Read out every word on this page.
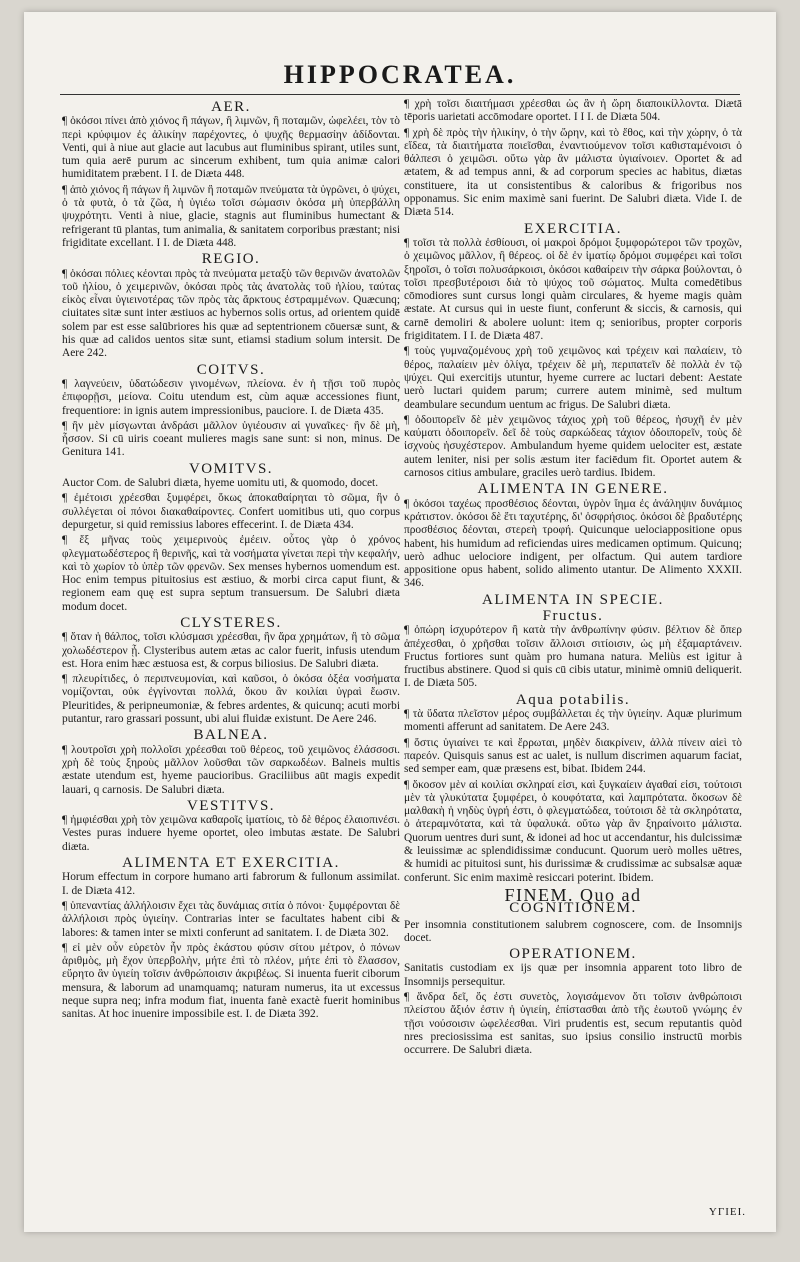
HIPPOCRATEA.
AER.

¶ ὁκόσοι πίνει ἀπὸ χιόνος ἢ πάγων, ἢ λιμνῶν, ἢ ποταμῶν, ὠφελέει, τὸν τὸ περὶ κρύφιμον ἐς ἀλικίην παρέχοντες, ὁ ψυχῆς θερμασίην ἀδίδονται. Venti, qui à niue aut glacie aut lacubus aut fluminibus spirant, utiles sunt, tum quia aerē purum ac sincerum exhibent, tum quia animæ calori humiditatem præbent. I I. de Diæta 448.

¶ ἀπὸ χιόνος ἢ πάγων ἢ λιμνῶν ἢ ποταμῶν πνεύματα τὰ ὑγρῶνει, ὁ ψύχει, ὁ τὰ φυτὰ, ὁ τὰ ζῶα, ἡ ὑγιέω τοῖσι σώμασιν ὁκόσα μὴ ὑπερβάλλη ψυχρότητι. Venti à niue, glacie, stagnis aut fluminibus humectant & refrigerant tū plantas, tum animalia, & sanitatem corporibus præstant; nisi frigiditate excellant. I I. de Diæta 448.

REGIO.

¶ ὁκόσαι πόλιες κέονται πρὸς τὰ πνεύματα μεταξὺ τῶν θερινῶν ἀνατολῶν τοῦ ἡλίου, ὁ χειμερινῶν, ὁκόσαι πρὸς τὰς ἀνατολὰς τοῦ ἡλίου, ταύτας εἰκὸς εἶναι ὑγιεινοτέρας τῶν πρὸς τὰς ἄρκτους ἐστραμμένων. Quæcunq; ciuitates sitæ sunt inter æstiuos ac hybernos solis ortus, ad orientem quidē solem par est esse salūbriores his quæ ad septentrionem cōuersæ sunt, & his quæ ad calidos uentos sitæ sunt, etiamsi stadium solum intersit. De Aere 242.

COITVS.

¶ λαγνεύειν, ὑδατώδεσιν γινομένων, πλείονα. ἐν ἡ τῇσι τοῦ πυρὸς ἐπιφορῇσι, μείονα. Coitu utendum est, cùm aquæ accessiones fiunt, frequentiore: in ignis autem impressionibus, pauciore. I. de Diæta 435.

¶ ἢν μὲν μίσγωνται ἀνδράσι μᾶλλον ὑγιέουσιν αἱ γυναῖκες· ἢν δὲ μὴ, ἧσσον. Si cū uiris coeant mulieres magis sane sunt: si non, minus. De Genitura 141.

VOMITVS.

Auctor Com. de Salubri diæta, hyeme uomitu uti, & quomodo, docet.

¶ ἐμέτοισι χρέεσθαι ξυμφέρει, ὅκως ἀποκαθαίρηται τὸ σῶμα, ἢν ὁ συλλέγεται οἱ πόνοι διακαθαίροντες. Confert uomitibus uti, quo corpus depurgetur, si quid remissius labores effecerint. I. de Diæta 434.

¶ ἕξ μῆνας τοὺς χειμερινοὺς ἐμέειν. οὗτος γὰρ ὁ χρόνος φλεγματωδέστερος ἢ θερινῆς, καὶ τὰ νοσήματα γίνεται περὶ τὴν κεφαλήν, καὶ τὸ χωρίον τὸ ὑπὲρ τῶν φρενῶν. Sex menses hybernos uomendum est. Hoc enim tempus pituitosius est æstiuo, & morbi circa caput fiunt, & regionem eam quę est supra septum transuersum. De Salubri diæta modum docet.

CLYSTERES.

¶ ὅταν ἡ θάλπος, τοῖσι κλύσμασι χρέεσθαι, ἢν ἄρα χρημάτων, ἢ τὸ σῶμα χολωδέστερον ᾖ. Clysteribus autem ætas ac calor fuerit, infusis utendum est. Hora enim hæc æstuosa est, & corpus biliosius. De Salubri diæta.

¶ πλευρίτιδες, ὁ περιπνευμονίαι, καὶ καῦσοι, ὁ ὁκόσα ὀξέα νοσήματα νομίζονται, οὐκ ἐγγίνονται πολλά, ὅκου ἂν κοιλίαι ὑγραὶ ἔωσιν. Pleuritides, & peripneumoniæ, & febres ardentes, & quicunq; acuti morbi putantur, raro grassari possunt, ubi alui fluidæ existunt. De Aere 246.

BALNEA.

¶ λουτροῖσι χρὴ πολλοῖσι χρέεσθαι τοῦ θέρεος, τοῦ χειμῶνος ἐλάσσοσι. χρὴ δὲ τοὺς ξηροὺς μᾶλλον λοῦσθαι τῶν σαρκωδέων. Balneis multis æstate utendum est, hyeme paucioribus. Graciliibus aūt magis expedit lauari, q carnosis. De Salubri diæta.

VESTITVS.

¶ ἠμφιέσθαι χρὴ τὸν χειμῶνα καθαροῖς ἱματίοις, τὸ δὲ θέρος ἐλαιοπινέσι. Vestes puras induere hyeme oportet, oleo imbutas æstate. De Salubri diæta.

ALIMENTA ET EXERCITIA.

Horum effectum in corpore humano arti fabrorum & fullonum assimilat. I. de Diæta 412.

¶ ὑπεναντίας ἀλλήλοισιν ἔχει τὰς δυνάμιας σιτία ὁ πόνοι· ξυμφέρονται δὲ ἀλλήλοισι πρὸς ὑγιείην. Contrarias inter se facultates habent cibi & labores: & tamen inter se mixti conferunt ad sanitatem. I. de Diæta 302.

¶ εἰ μὲν οὖν εὑρετὸν ἦν πρὸς ἑκάστου φύσιν σίτου μέτρον, ὁ πόνων ἀριθμὸς, μὴ ἔχον ὑπερβολὴν, μήτε ἐπὶ τὸ πλέον, μήτε ἐπὶ τὸ ἔλασσον, εὕρητο ἂν ὑγιείη τοῖσιν ἀνθρώποισιν ἀκριβέως. Si inuenta fuerit ciborum mensura, & laborum ad unamquamq; naturam numerus, ita ut excessus neque supra neq; infra modum fiat, inuenta fanè exactè fuerit hominibus sanitas. At hoc inuenire impossibile est. I. de Diæta 392.

¶ χρὴ τοῖσι διαιτήμασι χρέεσθαι ὡς ἂν ἡ ὥρη διαποικίλλοντα. Diætā tēporis uarietati accōmodare oportet. I I I. de Diæta 504.

¶ χρὴ δὲ πρὸς τὴν ἡλικίην, ὁ τὴν ὥρην, καὶ τὸ ἔθος, καὶ τὴν χώρην, ὁ τὰ εἴδεα, τὰ διαιτήματα ποιεῖσθαι, ἐναντιούμενον τοῖσι καθισταμένοισι ὁ θάλπεσι ὁ χειμῶσι. οὕτω γὰρ ἂν μάλιστα ὑγιαίνοιεν. Oportet & ad ætatem, & ad tempus anni, & ad corporum species ac habitus, diætas constituere, ita ut consistentibus & caloribus & frigoribus nos opponamus. Sic enim maximè sani fuerint. De Salubri diæta. Vide I. de Diæta 514.

EXERCITIA.

¶ τοῖσι τὰ πολλὰ ἐσθίουσι, οἱ μακροὶ δρόμοι ξυμφορώτεροι τῶν τροχῶν, ὁ χειμῶνος μᾶλλον, ἢ θέρεος. οἱ δὲ ἐν ἱματίῳ δρόμοι συμφέρει καὶ τοῖσι ξηροῖσι, ὁ τοῖσι πολυσάρκοισι, ὁκόσοι καθαίρειν τὴν σάρκα βούλονται, ὁ τοῖσι πρεσβυτέροισι διὰ τὸ ψύχος τοῦ σώματος. Multa comedētibus cōmodiores sunt cursus longi quàm circulares, & hyeme magis quàm æstate. At cursus qui in ueste fiunt, conferunt & siccis, & carnosis, qui carnē demoliri & abolere uolunt: item q; senioribus, propter corporis frigiditatem. I I. de Diæta 487.

¶ τοὺς γυμναζομένους χρὴ τοῦ χειμῶνος καὶ τρέχειν καὶ παλαίειν, τὸ θέρος, παλαίειν μὲν ὀλίγα, τρέχειν δὲ μὴ, περιπατεῖν δὲ πολλὰ ἐν τῷ ψύχει. Qui exercitijs utuntur, hyeme currere ac luctari debent: Aestate uerò luctari quidem parum; currere autem minimè, sed multum deambulare secundum uentum ac frigus. De Salubri diæta.

¶ ὁδοιπορεῖν δὲ μὲν χειμῶνος τάχιος χρὴ τοῦ θέρεος, ἡσυχῆ ἐν μὲν καύματι ὁδοιπορεῖν. δεῖ δὲ τοὺς σαρκώδεας τάχιον ὁδοιπορεῖν, τοὺς δὲ ἰσχνοὺς ἡσυχέστερον. Ambulandum hyeme quidem uelociter est, æstate autem leniter, nisi per solis æstum iter faciēdum fit. Oportet autem & carnosos citius ambulare, graciles uerò tardius. Ibidem.

ALIMENTA IN GENERE.

¶ ὁκόσοι ταχέως προσθέσιος δέονται, ὑγρὸν ἴημα ἐς ἀνάληψιν δυνάμιος κράτιστον. ὁκόσοι δὲ ἔτι ταχυτέρης, δι' ὀσφρήσιος. ὁκόσοι δὲ βραδυτέρης προσθέσιος δέονται, στερεὴ τροφή. Quicunque uelociappositione opus habent, his humidum ad reficiendas uires medicamen optimum. Quicunq; uerò adhuc uelociore indigent, per olfactum. Qui autem tardiore appositione opus habent, solido alimento utantur. De Alimento XXXII. 346.

ALIMENTA IN SPECIE.
Fructus.

¶ ὀπώρη ἰσχυρότερον ἢ κατὰ τὴν ἀνθρωπίνην φύσιν. βέλτιον δὲ ὅπερ ἀπέχεσθαι, ὁ χρῆσθαι τοῖσιν ἄλλοισι σιτίοισιν, ὡς μὴ ἐξαμαρτάνειν. Fructus fortiores sunt quàm pro humana natura. Meliùs est igitur à fructibus abstinere. Quod si quis cū cibis utatur, minimè omniū deliquerit. I. de Diæta 505.

Aqua potabilis.

¶ τὰ ὕδατα πλεῖστον μέρος συμβάλλεται ἐς τὴν ὑγιείην. Aquæ plurimum momenti afferunt ad sanitatem. De Aere 243.

¶ ὅστις ὑγιαίνει τε καὶ ἔρρωται, μηδὲν διακρίνειν, ἀλλὰ πίνειν αἰεὶ τὸ παρεόν. Quisquis sanus est ac ualet, is nullum discrimen aquarum faciat, sed semper eam, quæ præsens est, bibat. Ibidem 244.

¶ ὅκοσον μὲν αἱ κοιλίαι σκληραί εἰσι, καὶ ξυγκαίειν ἀγαθαί εἰσι, τούτοισι μὲν τὰ γλυκύτατα ξυμφέρει, ὁ κουφότατα, καὶ λαμπρότατα. ὅκοσων δὲ μαλθακὴ ἡ νηδὺς ὑγρή ἐστι, ὁ φλεγματώδεα, τούτοισι δὲ τὰ σκληρότατα, ὁ ἀτεραμνότατα, καὶ τὰ ὑφαλυκά. οὕτω γὰρ ἂν ξηραίνοιτο μάλιστα. Quorum uentres duri sunt, & idonei ad hoc ut accendantur, his dulcissimæ & leuissimæ ac splendidissimæ conducunt. Quorum uerò molles uētres, & humidi ac pituitosi sunt, his durissimæ & crudissimæ ac subsalsæ aquæ conferunt. Sic enim maximè resiccari poterint. Ibidem.

FINEM. Quo ad
COGNITIONEM.

Per insomnia constitutionem salubrem cognoscere, com. de Insomnijs docet.

OPERATIONEM.

Sanitatis custodiam ex ijs quæ per insomnia apparent toto libro de Insomnijs persequitur.

¶ ἄνδρα δεῖ, ὅς ἐστι συνετὸς, λογισάμενον ὅτι τοῖσιν ἀνθρώποισι πλείστου ἄξιόν ἐστιν ἡ ὑγιείη, ἐπίστασθαι ἀπὸ τῆς ἑωυτοῦ γνώμης ἐν τῇσι νούσοισιν ὠφελέεσθαι. Viri prudentis est, secum reputantis quòd nres preciosissima est sanitas, suo ipsius consilio instructū morbis occurrere. De Salubri diæta.

ΥΓΙΕΙ.
